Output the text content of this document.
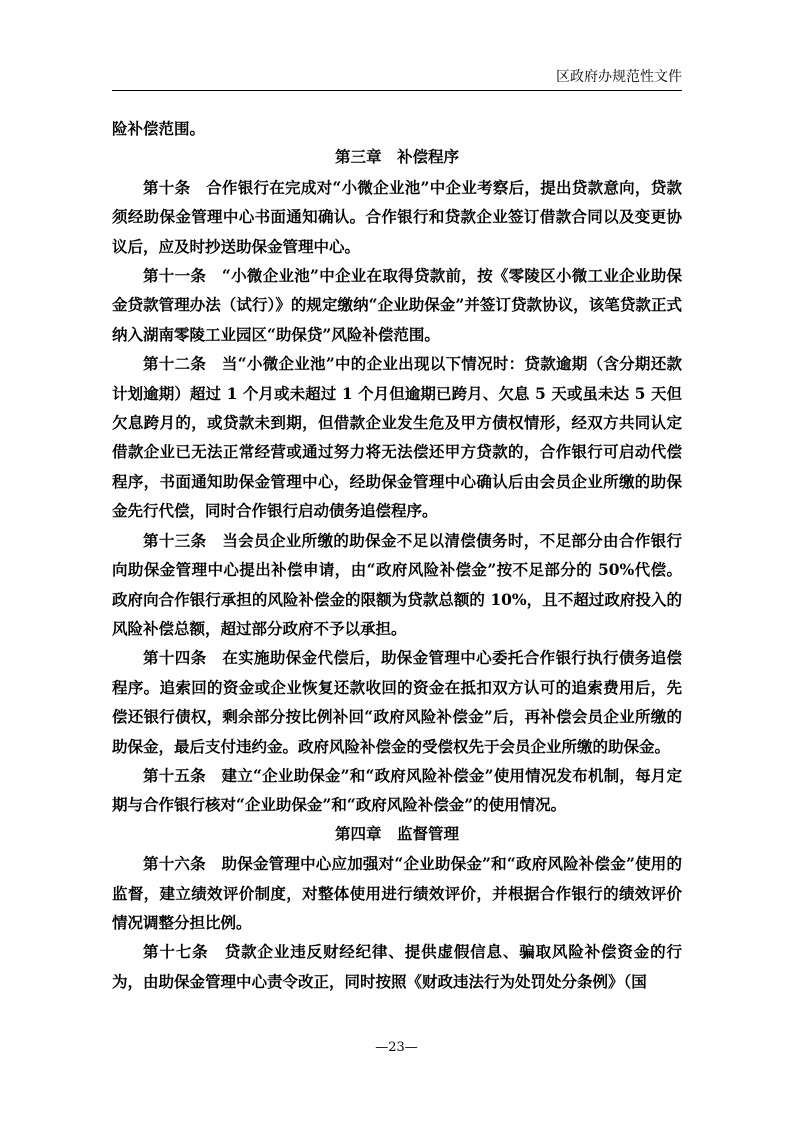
区政府办规范性文件

险补偿范围。

第三章　补偿程序

第十条　合作银行在完成对“小微企业池”中企业考察后，提出贷款意向，贷款须经助保金管理中心书面通知确认。合作银行和贷款企业签订借款合同以及变更协议后，应及时抄送助保金管理中心。

第十一条　“小微企业池”中企业在取得贷款前，按《零陵区小微工业企业助保金贷款管理办法（试行）》的规定缴纳“企业助保金”并签订贷款协议，该笔贷款正式纳入湖南零陵工业园区“助保贷”风险补偿范围。

第十二条　当“小微企业池”中的企业出现以下情况时：贷款逾期（含分期还款计划逾期）超过 1 个月或未超过 1 个月但逾期已跨月、欠息 5 天或虽未达 5 天但欠息跨月的，或贷款未到期，但借款企业发生危及甲方债权情形，经双方共同认定借款企业已无法正常经营或通过努力将无法偿还甲方贷款的，合作银行可启动代偿程序，书面通知助保金管理中心，经助保金管理中心确认后由会员企业所缴的助保金先行代偿，同时合作银行启动债务追偿程序。

第十三条　当会员企业所缴的助保金不足以清偿债务时，不足部分由合作银行向助保金管理中心提出补偿申请，由“政府风险补偿金”按不足部分的 50%代偿。政府向合作银行承担的风险补偿金的限额为贷款总额的 10%，且不超过政府投入的风险补偿总额，超过部分政府不予以承担。

第十四条　在实施助保金代偿后，助保金管理中心委托合作银行执行债务追偿程序。追索回的资金或企业恢复还款收回的资金在抵扣双方认可的追索费用后，先偿还银行债权，剩余部分按比例补回“政府风险补偿金”后，再补偿会员企业所缴的助保金，最后支付违约金。政府风险补偿金的受偿权先于会员企业所缴的助保金。

第十五条　建立“企业助保金”和“政府风险补偿金”使用情况发布机制，每月定期与合作银行核对“企业助保金”和“政府风险补偿金”的使用情况。

第四章　监督管理

第十六条　助保金管理中心应加强对“企业助保金”和“政府风险补偿金”使用的监督，建立绩效评价制度，对整体使用进行绩效评价，并根据合作银行的绩效评价情况调整分担比例。

第十七条　贷款企业违反财经纪律、提供虚假信息、骗取风险补偿资金的行为，由助保金管理中心责令改正，同时按照《财政违法行为处罚处分条例》（国

—23—
